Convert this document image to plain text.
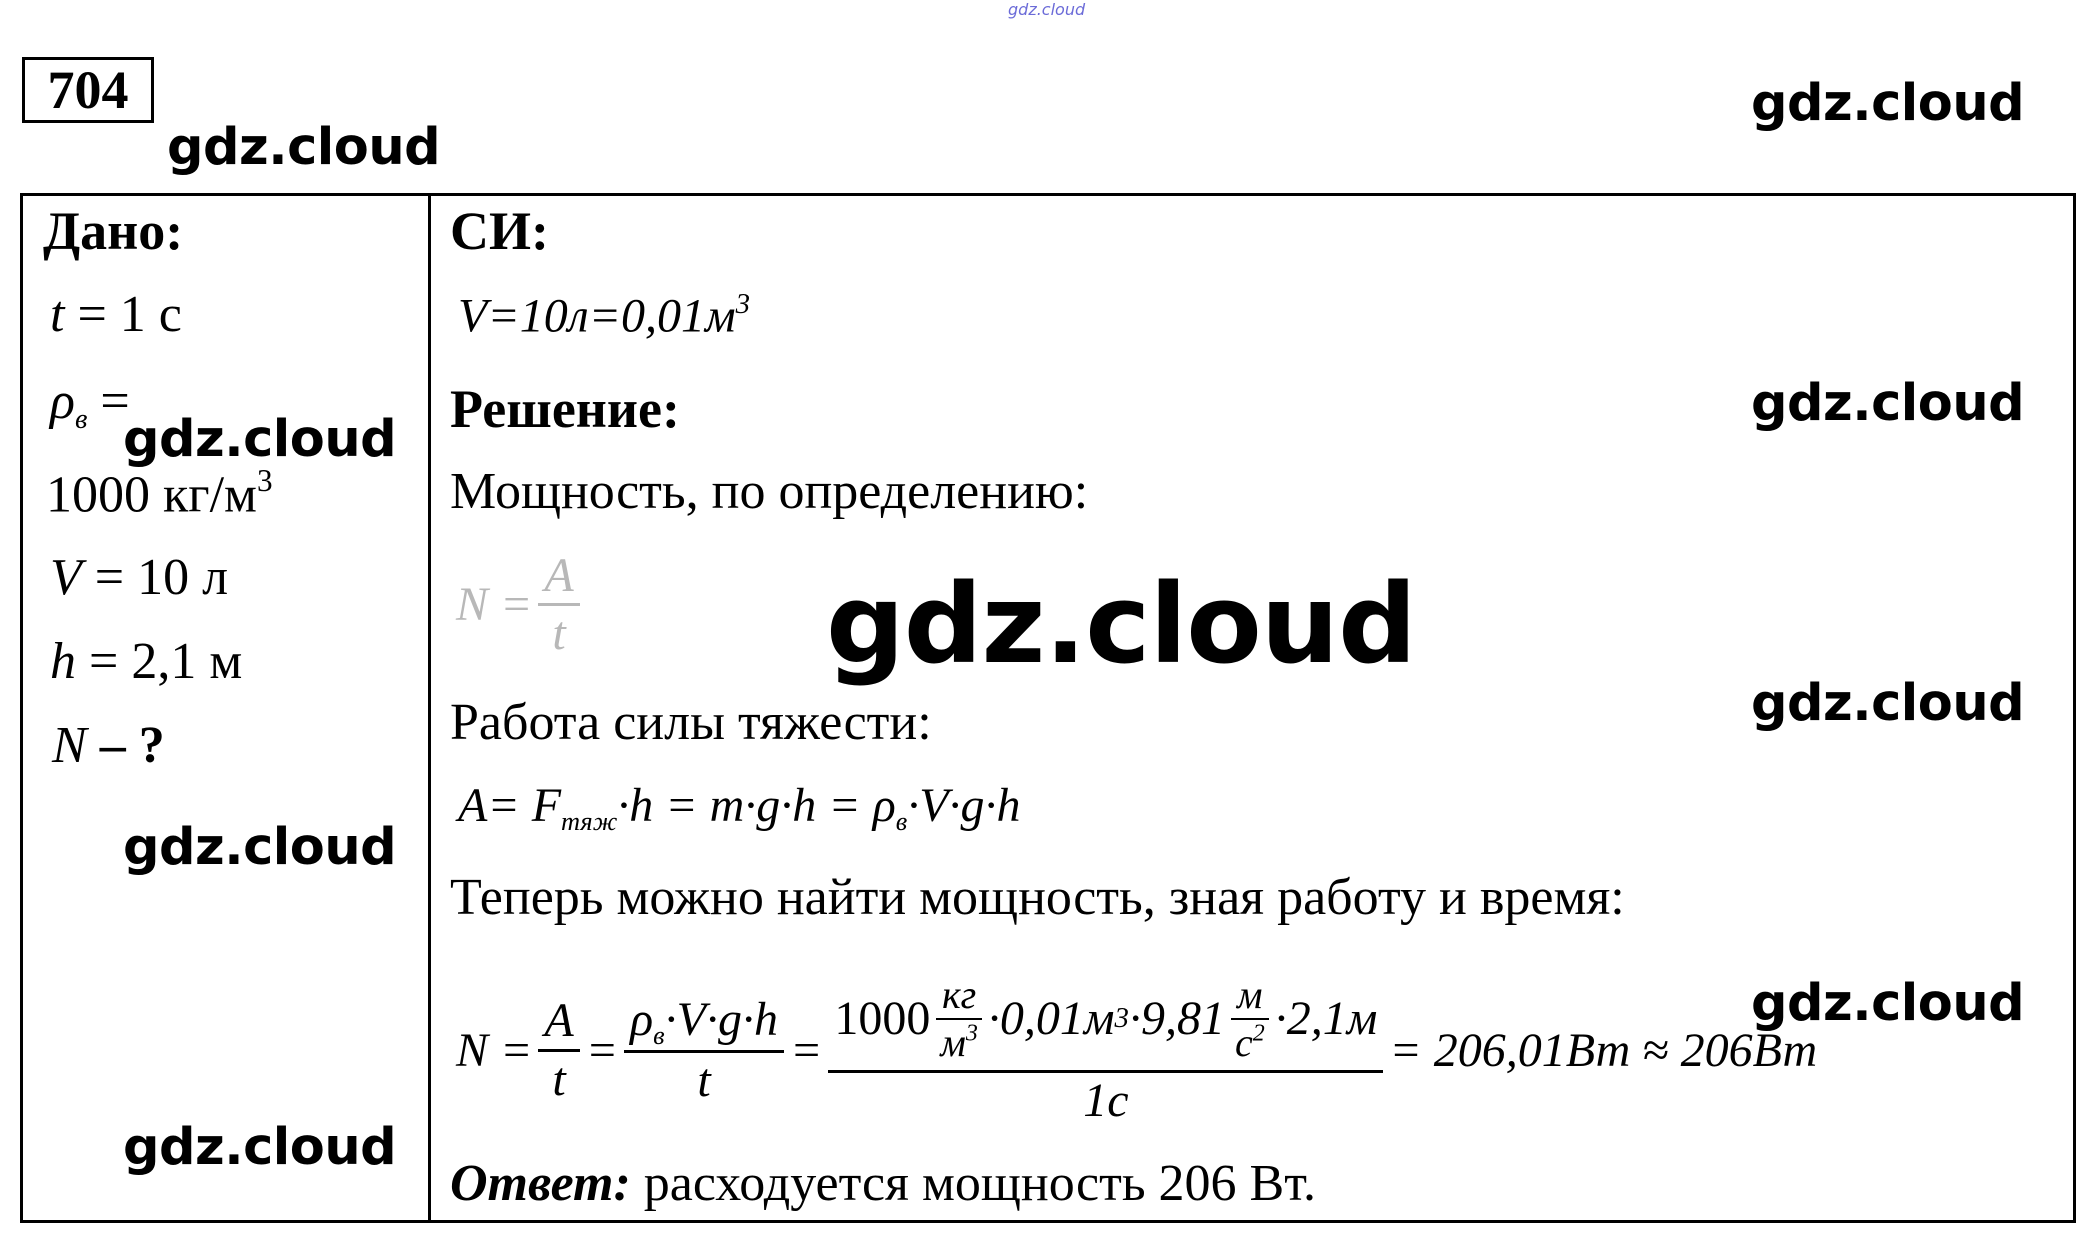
gdz.cloud
704
gdz.cloud
gdz.cloud
Дано:
t = 1 с
$\rho_в$ =
1000 $кг/м^3$
V = 10 л
h = 2,1 м
N – ?
gdz.cloud
gdz.cloud
gdz.cloud
СИ:
$V=10л=0,01м^3$
Решение:	gdz.cloud
Мощность, по определению:
$N = \frac{A}{t}$ gdz.cloud
Работа силы тяжести:	gdz.cloud
$A= F_{тяж}\cdot h = m\cdot g\cdot h = \rho_в\cdot V\cdot g\cdot h$
Теперь можно найти мощность, зная работу и время:
gdz.cloud
$N = \frac{A}{t} = \frac{\rho_в\cdot V\cdot g\cdot h}{t}$ =
$1000 \frac{кг}{м^3} \cdot 0,01м$ $3 \cdot 9,81 \frac{м}{с^2} \cdot 2,1м$
1с
= 206,01Вт ≈ 206Вт
Ответ: расходуется мощность 206 Вт.
